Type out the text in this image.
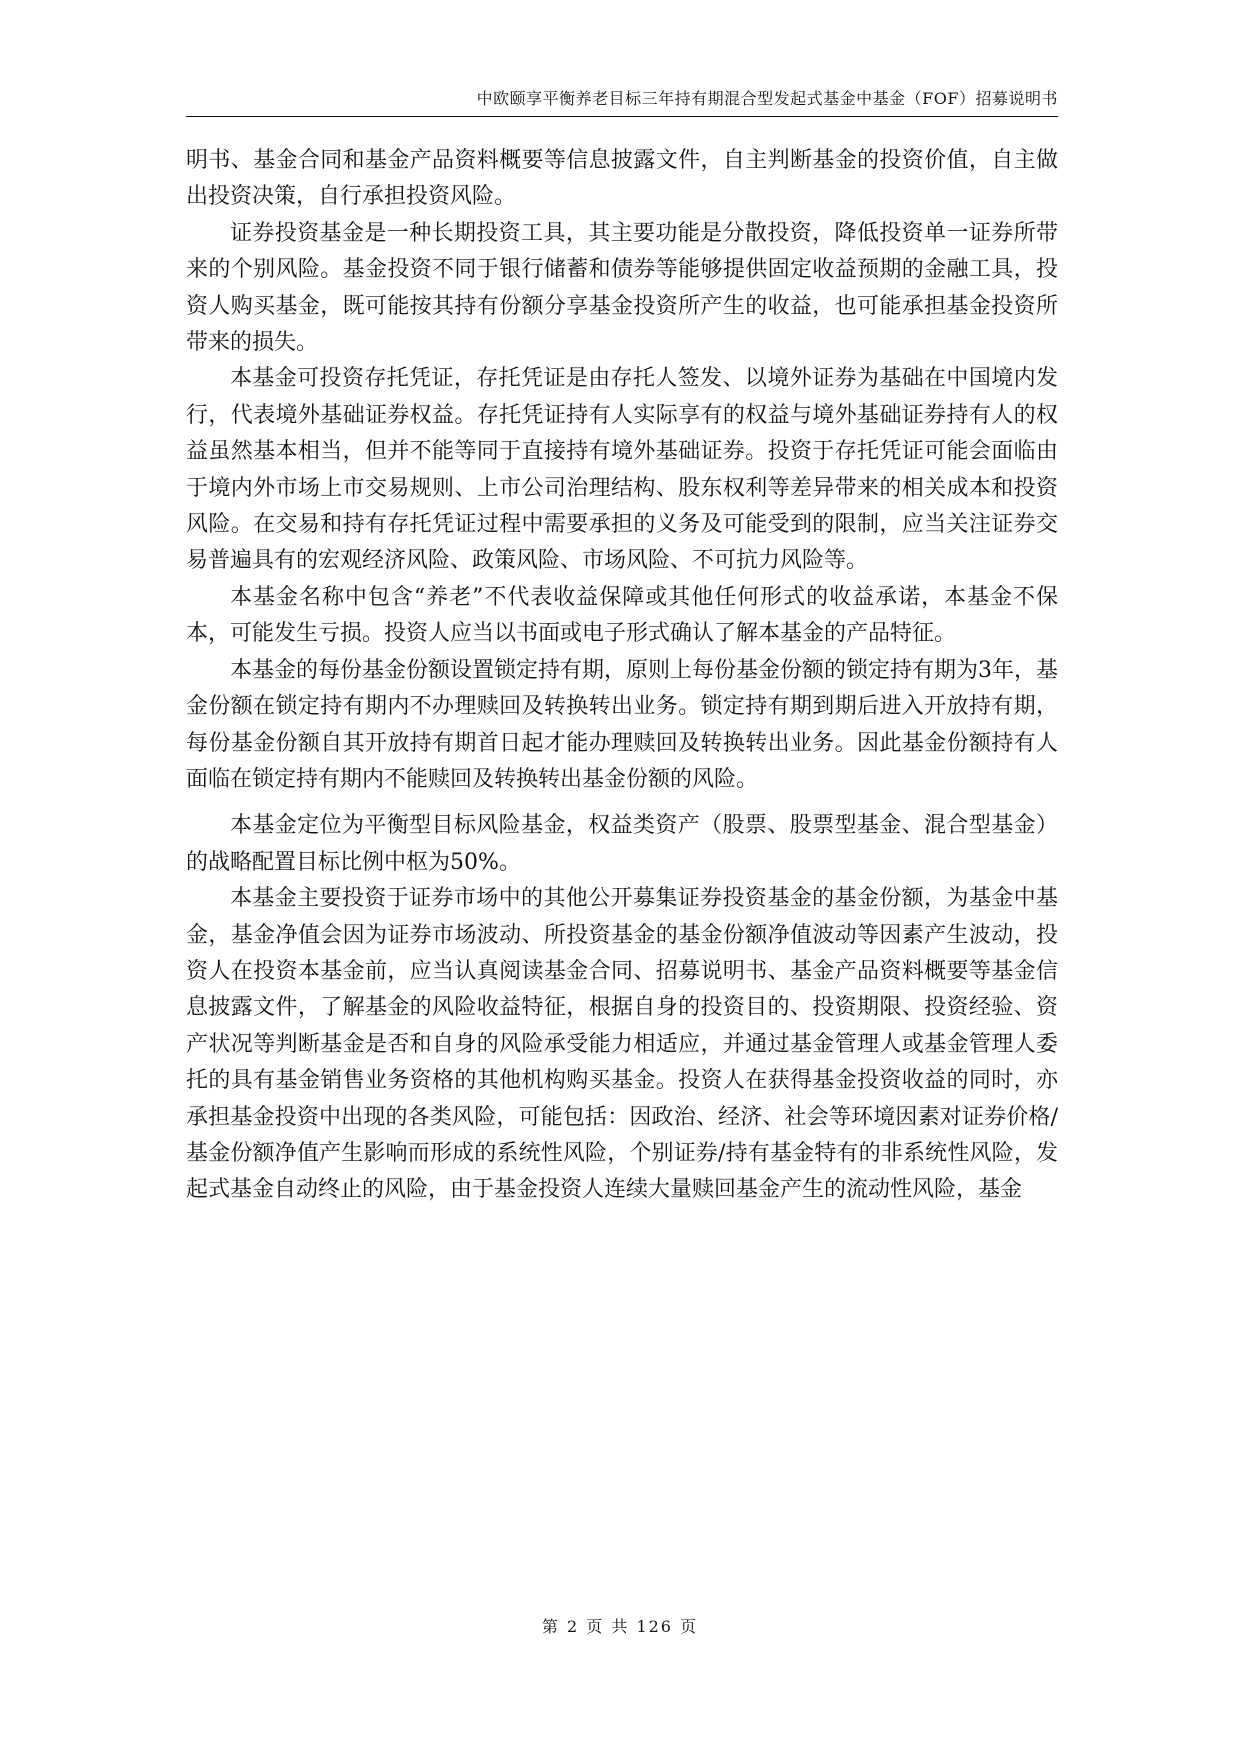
中欧颐享平衡养老目标三年持有期混合型发起式基金中基金（FOF）招募说明书

明书、基金合同和基金产品资料概要等信息披露文件，自主判断基金的投资价值，自主做出投资决策，自行承担投资风险。

证券投资基金是一种长期投资工具，其主要功能是分散投资，降低投资单一证券所带来的个别风险。基金投资不同于银行储蓄和债券等能够提供固定收益预期的金融工具，投资人购买基金，既可能按其持有份额分享基金投资所产生的收益，也可能承担基金投资所带来的损失。

本基金可投资存托凭证，存托凭证是由存托人签发、以境外证券为基础在中国境内发行，代表境外基础证券权益。存托凭证持有人实际享有的权益与境外基础证券持有人的权益虽然基本相当，但并不能等同于直接持有境外基础证券。投资于存托凭证可能会面临由于境内外市场上市交易规则、上市公司治理结构、股东权利等差异带来的相关成本和投资风险。在交易和持有存托凭证过程中需要承担的义务及可能受到的限制，应当关注证券交易普遍具有的宏观经济风险、政策风险、市场风险、不可抗力风险等。

本基金名称中包含“养老”不代表收益保障或其他任何形式的收益承诺，本基金不保本，可能发生亏损。投资人应当以书面或电子形式确认了解本基金的产品特征。

本基金的每份基金份额设置锁定持有期，原则上每份基金份额的锁定持有期为3年，基金份额在锁定持有期内不办理赎回及转换转出业务。锁定持有期到期后进入开放持有期，每份基金份额自其开放持有期首日起才能办理赎回及转换转出业务。因此基金份额持有人面临在锁定持有期内不能赎回及转换转出基金份额的风险。

本基金定位为平衡型目标风险基金，权益类资产（股票、股票型基金、混合型基金）的战略配置目标比例中枢为50%。

本基金主要投资于证券市场中的其他公开募集证券投资基金的基金份额，为基金中基金，基金净值会因为证券市场波动、所投资基金的基金份额净值波动等因素产生波动，投资人在投资本基金前，应当认真阅读基金合同、招募说明书、基金产品资料概要等基金信息披露文件，了解基金的风险收益特征，根据自身的投资目的、投资期限、投资经验、资产状况等判断基金是否和自身的风险承受能力相适应，并通过基金管理人或基金管理人委托的具有基金销售业务资格的其他机构购买基金。投资人在获得基金投资收益的同时，亦承担基金投资中出现的各类风险，可能包括：因政治、经济、社会等环境因素对证券价格/基金份额净值产生影响而形成的系统性风险，个别证券/持有基金特有的非系统性风险，发起式基金自动终止的风险，由于基金投资人连续大量赎回基金产生的流动性风险，基金

第 2 页 共 126 页
